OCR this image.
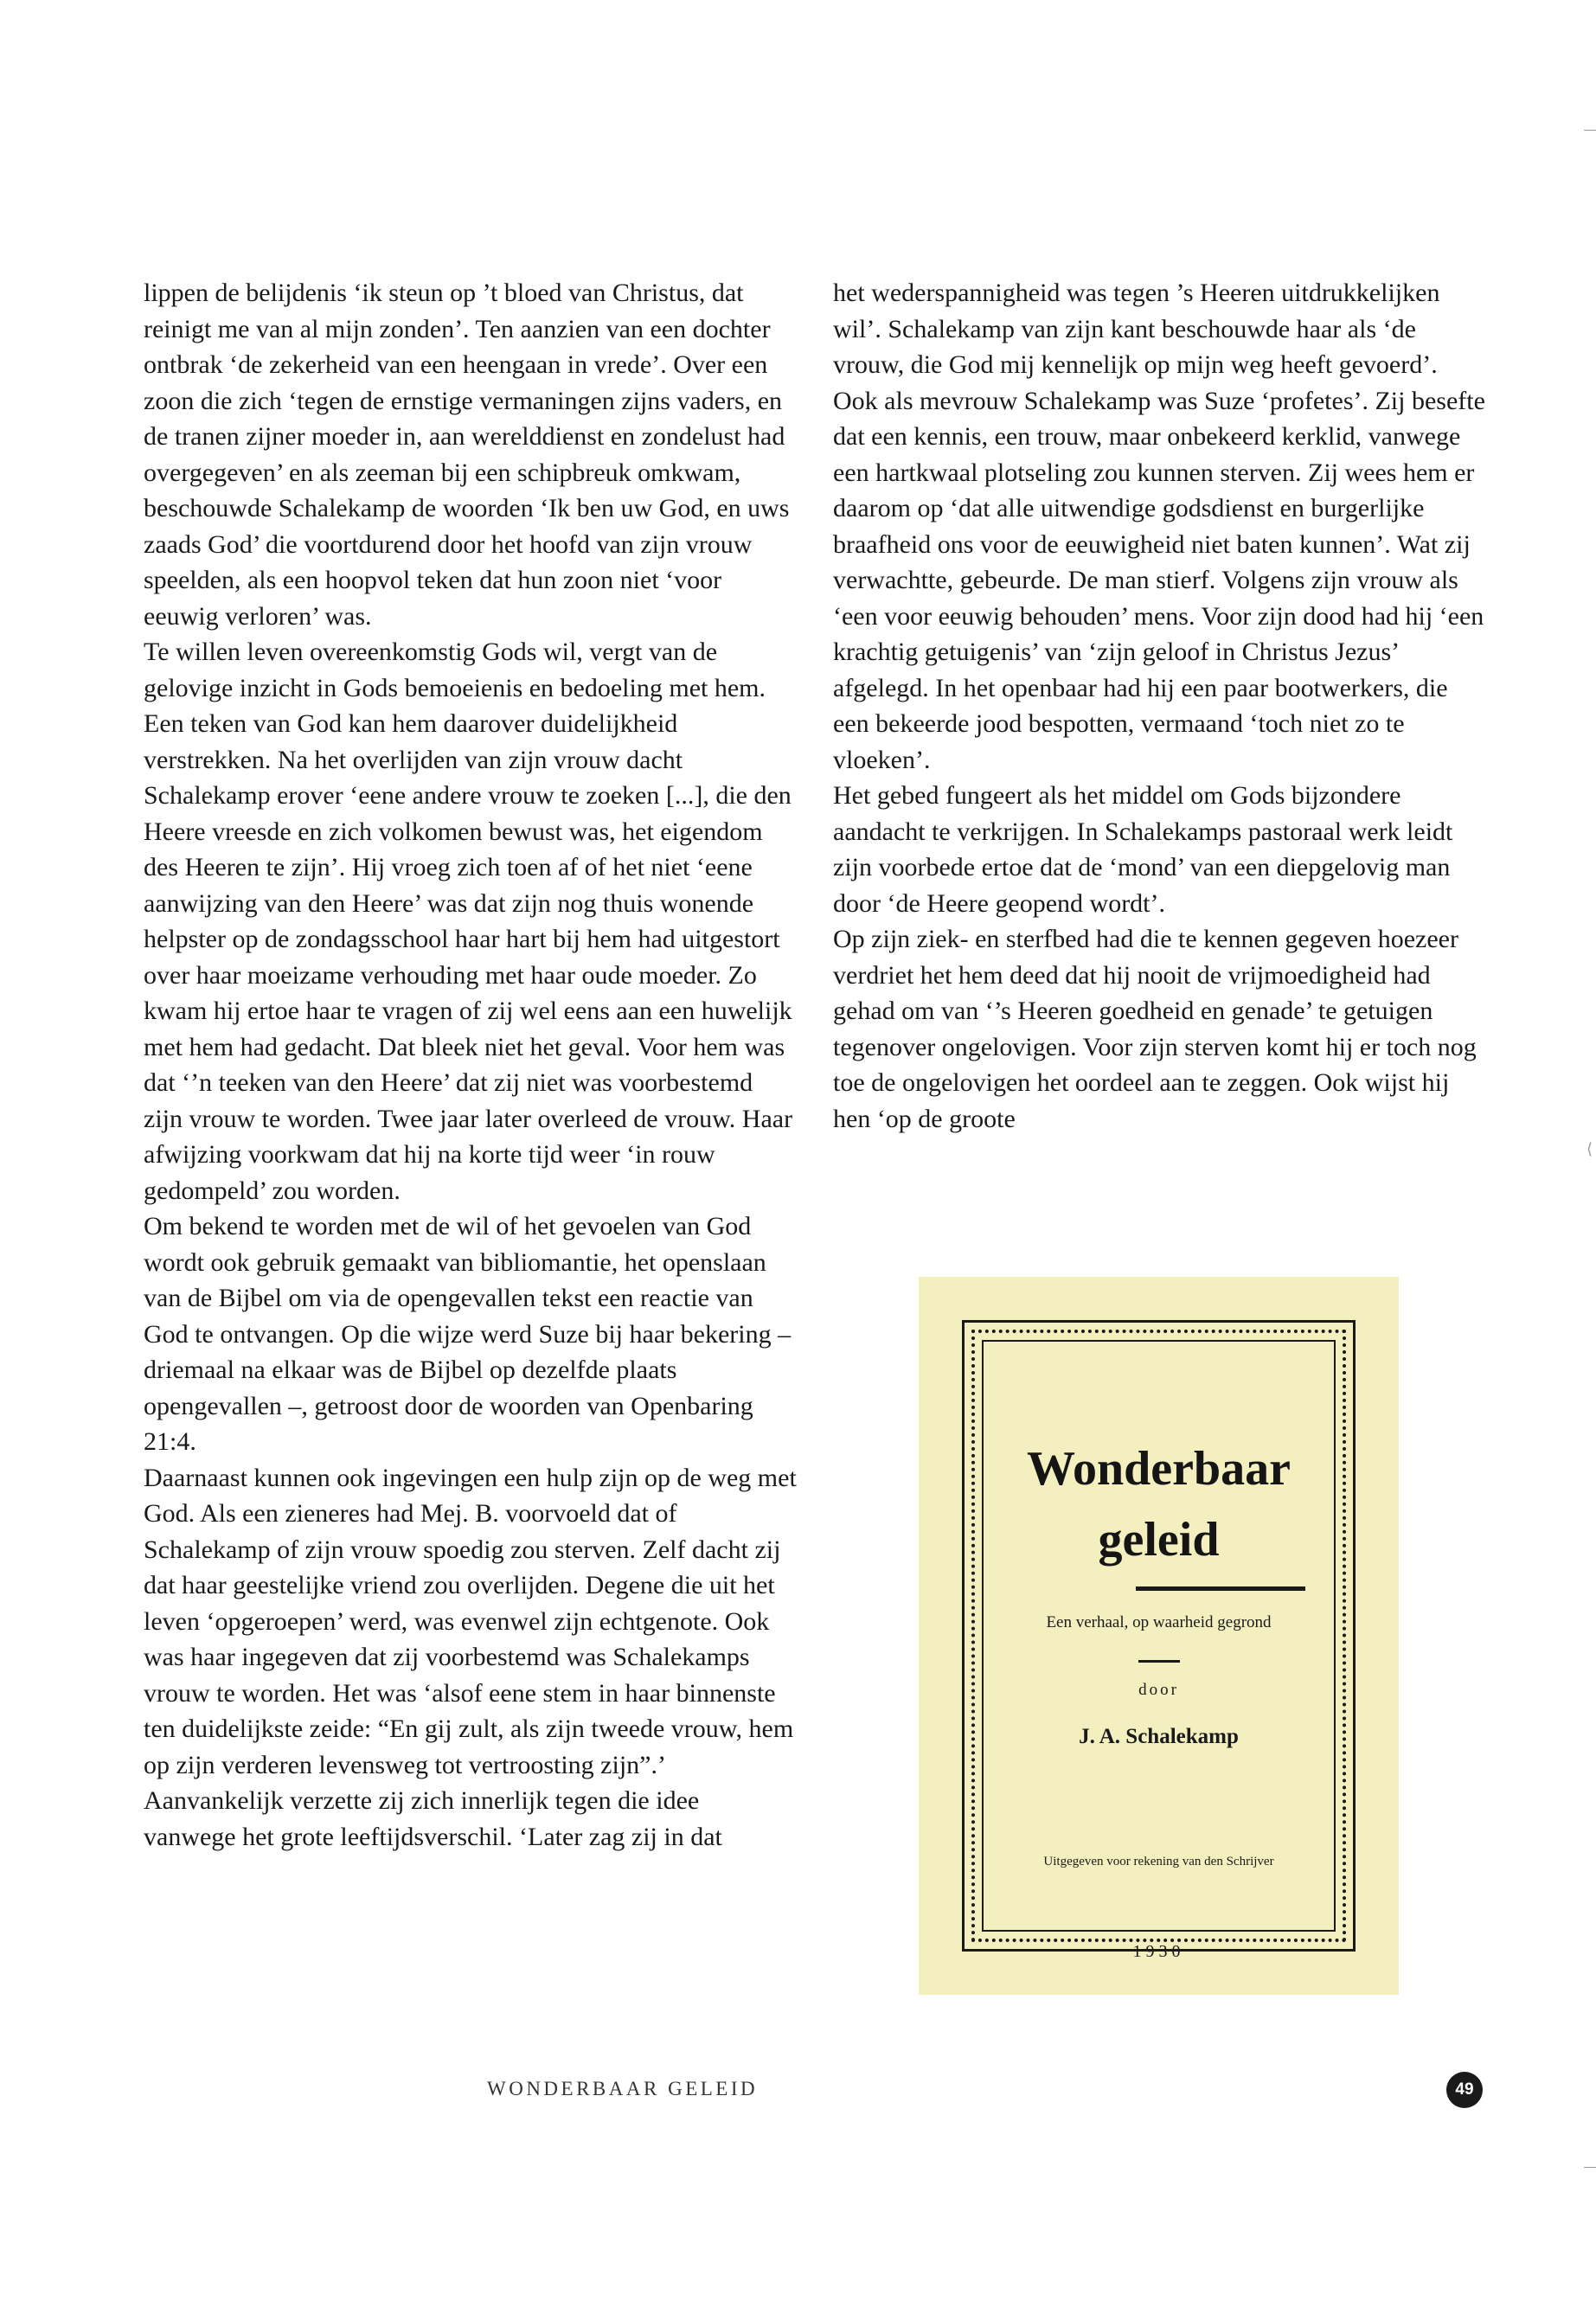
lippen de belijdenis ‘ik steun op ’t bloed van Christus, dat reinigt me van al mijn zonden’. Ten aanzien van een dochter ontbrak ‘de zekerheid van een heengaan in vrede’. Over een zoon die zich ‘tegen de ernstige vermaningen zijns vaders, en de tranen zijner moeder in, aan werelddienst en zondelust had overgegeven’ en als zeeman bij een schipbreuk omkwam, beschouwde Schalekamp de woorden ‘Ik ben uw God, en uws zaads God’ die voortdurend door het hoofd van zijn vrouw speelden, als een hoopvol teken dat hun zoon niet ‘voor eeuwig verloren’ was.

Te willen leven overeenkomstig Gods wil, vergt van de gelovige inzicht in Gods bemoeienis en bedoeling met hem. Een teken van God kan hem daarover duidelijkheid verstrekken. Na het overlijden van zijn vrouw dacht Schalekamp erover ‘eene andere vrouw te zoeken [...], die den Heere vreesde en zich volkomen bewust was, het eigendom des Heeren te zijn’. Hij vroeg zich toen af of het niet ‘eene aanwijzing van den Heere’ was dat zijn nog thuis wonende helpster op de zondagsschool haar hart bij hem had uitgestort over haar moeizame verhouding met haar oude moeder. Zo kwam hij ertoe haar te vragen of zij wel eens aan een huwelijk met hem had gedacht. Dat bleek niet het geval. Voor hem was dat ‘’n teeken van den Heere’ dat zij niet was voorbestemd zijn vrouw te worden. Twee jaar later overleed de vrouw. Haar afwijzing voorkwam dat hij na korte tijd weer ‘in rouw gedompeld’ zou worden.

Om bekend te worden met de wil of het gevoelen van God wordt ook gebruik gemaakt van bibliomantie, het openslaan van de Bijbel om via de opengevallen tekst een reactie van God te ontvangen. Op die wijze werd Suze bij haar bekering – driemaal na elkaar was de Bijbel op dezelfde plaats opengevallen –, getroost door de woorden van Openbaring 21:4.

Daarnaast kunnen ook ingevingen een hulp zijn op de weg met God. Als een zieneres had Mej. B. voorvoeld dat of Schalekamp of zijn vrouw spoedig zou sterven. Zelf dacht zij dat haar geestelijke vriend zou overlijden. Degene die uit het leven ‘opgeroepen’ werd, was evenwel zijn echtgenote. Ook was haar ingegeven dat zij voorbestemd was Schalekamps vrouw te worden. Het was ‘alsof eene stem in haar binnenste ten duidelijkste zeide: “En gij zult, als zijn tweede vrouw, hem op zijn verderen levensweg tot vertroosting zijn”.’ Aanvankelijk verzette zij zich innerlijk tegen die idee vanwege het grote leeftijdsverschil. ‘Later zag zij in dat

het wederspannigheid was tegen ’s Heeren uitdrukkelijken wil’. Schalekamp van zijn kant beschouwde haar als ‘de vrouw, die God mij kennelijk op mijn weg heeft gevoerd’.

Ook als mevrouw Schalekamp was Suze ‘profetes’. Zij besefte dat een kennis, een trouw, maar onbekeerd kerklid, vanwege een hartkwaal plotseling zou kunnen sterven. Zij wees hem er daarom op ‘dat alle uitwendige godsdienst en burgerlijke braafheid ons voor de eeuwigheid niet baten kunnen’. Wat zij verwachtte, gebeurde. De man stierf. Volgens zijn vrouw als ‘een voor eeuwig behouden’ mens. Voor zijn dood had hij ‘een krachtig getuigenis’ van ‘zijn geloof in Christus Jezus’ afgelegd. In het openbaar had hij een paar bootwerkers, die een bekeerde jood bespotten, vermaand ‘toch niet zo te vloeken’.

Het gebed fungeert als het middel om Gods bijzondere aandacht te verkrijgen. In Schalekamps pastoraal werk leidt zijn voorbede ertoe dat de ‘mond’ van een diepgelovig man door ‘de Heere geopend wordt’.

Op zijn ziek- en sterfbed had die te kennen gegeven hoezeer verdriet het hem deed dat hij nooit de vrijmoedigheid had gehad om van ‘’s Heeren goedheid en genade’ te getuigen tegenover ongelovigen. Voor zijn sterven komt hij er toch nog toe de ongelovigen het oordeel aan te zeggen. Ook wijst hij hen ‘op de groote

Wonderbaar
geleid
Een verhaal, op waarheid gegrond
door
J. A. Schalekamp
Uitgegeven voor rekening van den Schrijver
1930
WONDERBAAR GELEID	49
⟨
